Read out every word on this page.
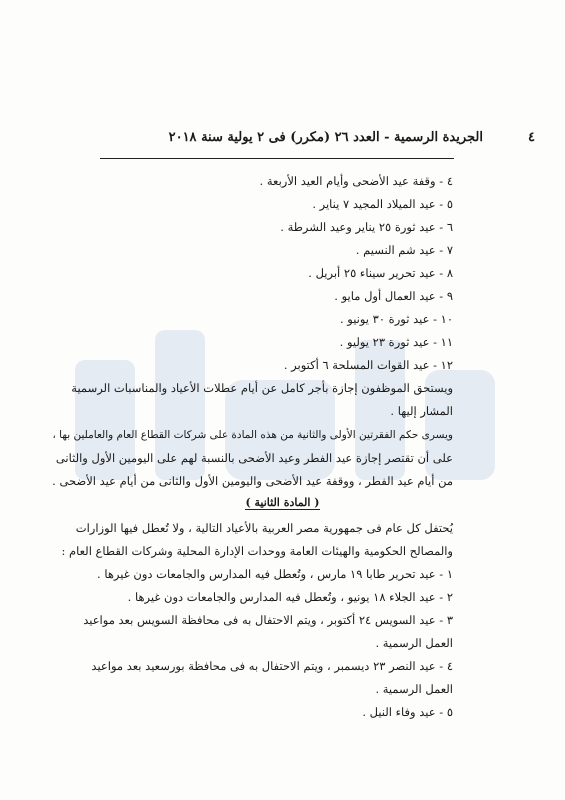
٤
الجريدة الرسمية - العدد ٢٦ (مكرر) فى ٢ يولية سنة ٢٠١٨
٤ - وقفة عيد الأضحى وأيام العيد الأربعة .
٥ - عيد الميلاد المجيد ٧ يناير .
٦ - عيد ثورة ٢٥ يناير وعيد الشرطة .
٧ - عيد شم النسيم .
٨ - عيد تحرير سيناء ٢٥ أبريل .
٩ - عيد العمال أول مايو .
١٠ - عيد ثورة ٣٠ يونيو .
١١ - عيد ثورة ٢٣ يوليو .
١٢ - عيد القوات المسلحة ٦ أكتوبر .
ويستحق الموظفون إجازة بأجر كامل عن أيام عطلات الأعياد والمناسبات الرسمية
المشار إليها .
ويسرى حكم الفقرتين الأولى والثانية من هذه المادة على شركات القطاع العام والعاملين بها ،
على أن تقتصر إجازة عيد الفطر وعيد الأضحى بالنسبة لهم على اليومين الأول والثانى
من أيام عيد الفطر ، ووقفة عيد الأضحى واليومين الأول والثانى من أيام عيد الأضحى .
( المادة الثانية )
يُحتفل كل عام فى جمهورية مصر العربية بالأعياد التالية ، ولا تُعطل فيها الوزارات
والمصالح الحكومية والهيئات العامة ووحدات الإدارة المحلية وشركات القطاع العام :
١ - عيد تحرير طابا ١٩ مارس ، وتُعطل فيه المدارس والجامعات دون غيرها .
٢ - عيد الجلاء ١٨ يونيو ، وتُعطل فيه المدارس والجامعات دون غيرها .
٣ - عيد السويس ٢٤ أكتوبر ، ويتم الاحتفال به فى محافظة السويس بعد مواعيد
العمل الرسمية .
٤ - عيد النصر ٢٣ ديسمبر ، ويتم الاحتفال به فى محافظة بورسعيد بعد مواعيد
العمل الرسمية .
٥ - عيد وفاء النيل .
